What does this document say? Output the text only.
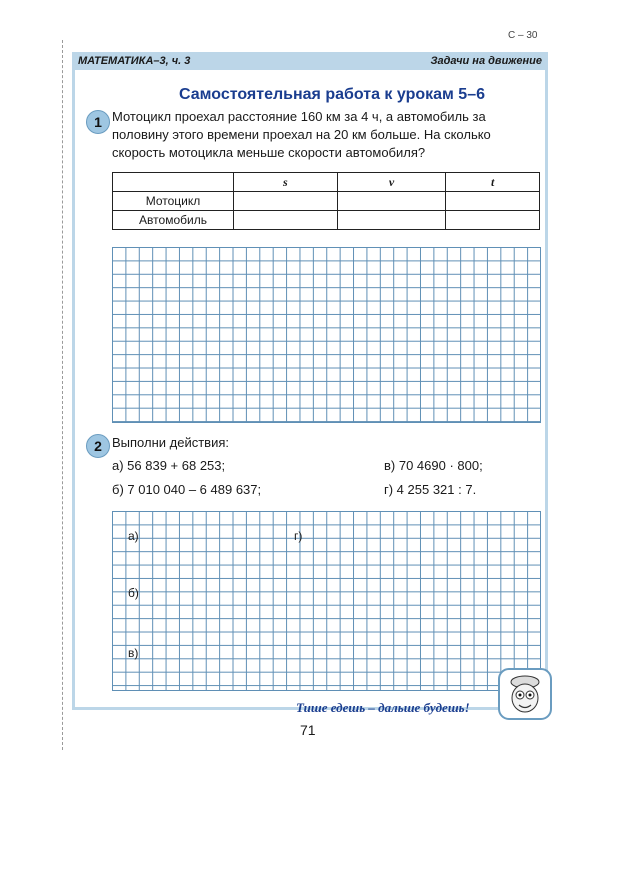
С – 30
МАТЕМАТИКА–3, ч. 3	Задачи на движение
Самостоятельная работа к урокам 5–6
1 Мотоцикл проехал расстояние 160 км за 4 ч, а автомобиль за половину этого времени проехал на 20 км больше. На сколько скорость мотоцикла меньше скорости автомобиля?
	s	v	t
Мотоцикл			
Автомобиль			
2 Выполни действия:
а) 56 839 + 68 253;
б) 7 010 040 – 6 489 637;
в) 70 4690 · 800;
г) 4 255 321 : 7.
а)
б)
в)
г)
Тише едешь – дальше будешь!
71
